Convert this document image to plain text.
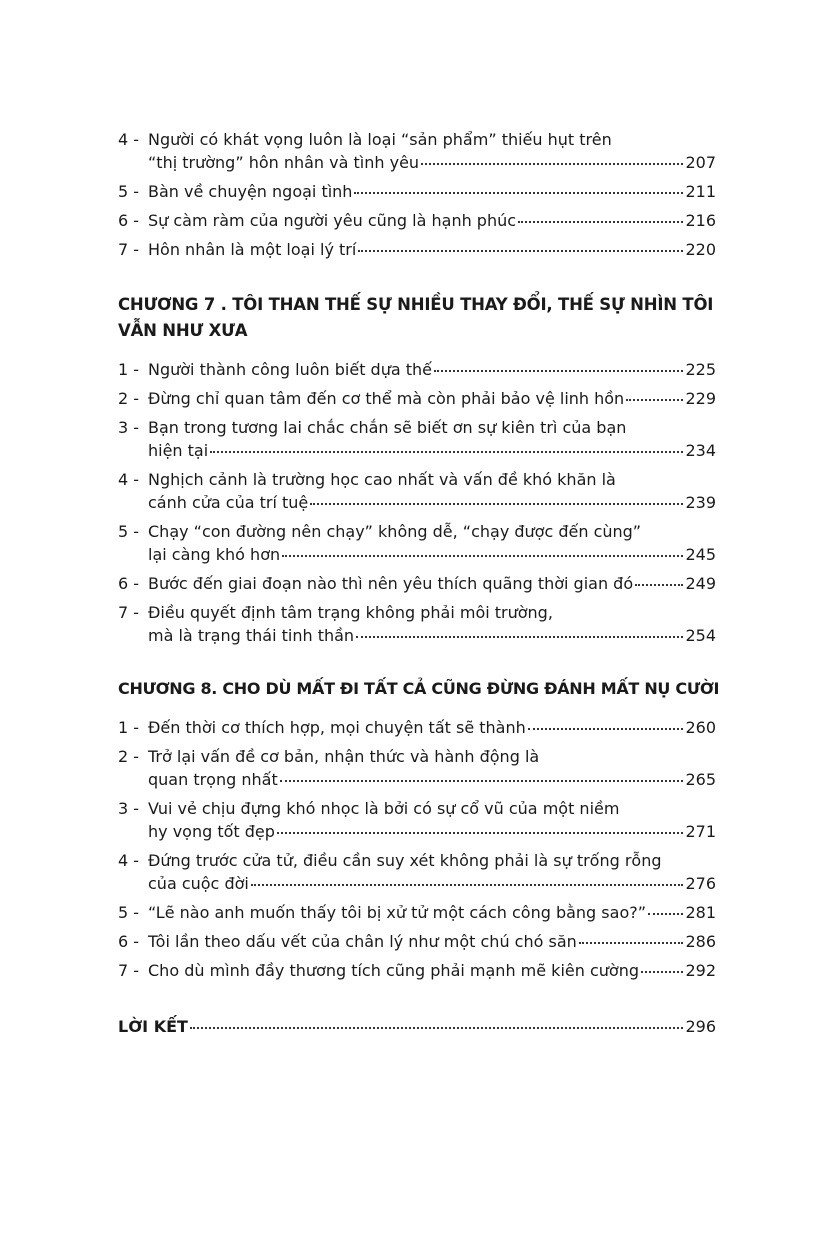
4 - Người có khát vọng luôn là loại “sản phẩm” thiếu hụt trên
“thị trường” hôn nhân và tình yêu	207
5 - Bàn về chuyện ngoại tình	211
6 - Sự càm ràm của người yêu cũng là hạnh phúc	216
7 - Hôn nhân là một loại lý trí	220
CHƯƠNG 7 . TÔI THAN THẾ SỰ NHIỀU THAY ĐỔI, THẾ SỰ NHÌN TÔI
VẪN NHƯ XƯA
1 - Người thành công luôn biết dựa thế	225
2 - Đừng chỉ quan tâm đến cơ thể mà còn phải bảo vệ linh hồn	229
3 - Bạn trong tương lai chắc chắn sẽ biết ơn sự kiên trì của bạn
hiện tại	234
4 - Nghịch cảnh là trường học cao nhất và vấn đề khó khăn là
cánh cửa của trí tuệ	239
5 - Chạy “con đường nên chạy” không dễ, “chạy được đến cùng”
lại càng khó hơn	245
6 - Bước đến giai đoạn nào thì nên yêu thích quãng thời gian đó	249
7 - Điều quyết định tâm trạng không phải môi trường,
mà là trạng thái tinh thần	254
CHƯƠNG 8. CHO DÙ MẤT ĐI TẤT CẢ CŨNG ĐỪNG ĐÁNH MẤT NỤ CƯỜI
1 - Đến thời cơ thích hợp, mọi chuyện tất sẽ thành	260
2 - Trở lại vấn đề cơ bản, nhận thức và hành động là
quan trọng nhất	265
3 - Vui vẻ chịu đựng khó nhọc là bởi có sự cổ vũ của một niềm
hy vọng tốt đẹp	271
4 - Đứng trước cửa tử, điều cần suy xét không phải là sự trống rỗng
của cuộc đời	276
5 - “Lẽ nào anh muốn thấy tôi bị xử tử một cách công bằng sao?” 281
6 - Tôi lần theo dấu vết của chân lý như một chú chó săn	286
7 - Cho dù mình đầy thương tích cũng phải mạnh mẽ kiên cường	292
LỜI KẾT	296
